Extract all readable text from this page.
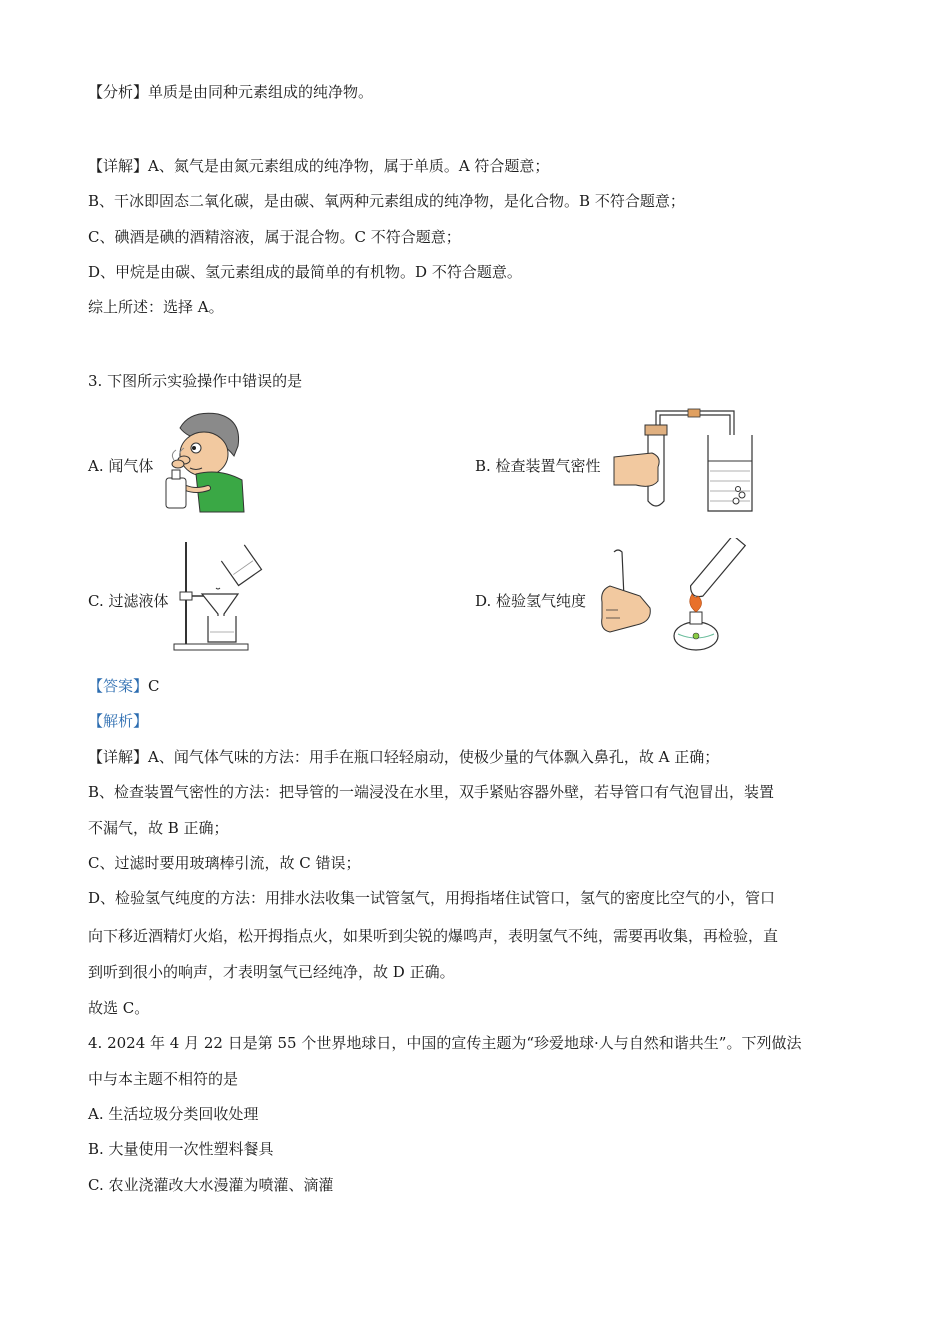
【分析】单质是由同种元素组成的纯净物。
【详解】A、氮气是由氮元素组成的纯净物，属于单质。A 符合题意；
B、干冰即固态二氧化碳，是由碳、氧两种元素组成的纯净物，是化合物。B 不符合题意；
C、碘酒是碘的酒精溶液，属于混合物。C 不符合题意；
D、甲烷是由碳、氢元素组成的最简单的有机物。D 不符合题意。
综上所述：选择 A。
3. 下图所示实验操作中错误的是
A. 闻气体	B. 检查装置气密性
C. 过滤液体	D. 检验氢气纯度
【答案】C
【解析】
【详解】A、闻气体气味的方法：用手在瓶口轻轻扇动，使极少量的气体飘入鼻孔，故 A 正确；
B、检查装置气密性的方法：把导管的一端浸没在水里，双手紧贴容器外壁，若导管口有气泡冒出，装置
不漏气，故 B 正确；
C、过滤时要用玻璃棒引流，故 C 错误；
D、检验氢气纯度的方法：用排水法收集一试管氢气，用拇指堵住试管口，氢气的密度比空气的小，管口
向下移近酒精灯火焰，松开拇指点火，如果听到尖锐的爆鸣声，表明氢气不纯，需要再收集，再检验，直
到听到很小的响声，才表明氢气已经纯净，故 D 正确。
故选 C。
4. 2024 年 4 月 22 日是第 55 个世界地球日，中国的宣传主题为“珍爱地球·人与自然和谐共生”。下列做法
中与本主题不相符的是
A. 生活垃圾分类回收处理
B. 大量使用一次性塑料餐具
C. 农业浇灌改大水漫灌为喷灌、滴灌
